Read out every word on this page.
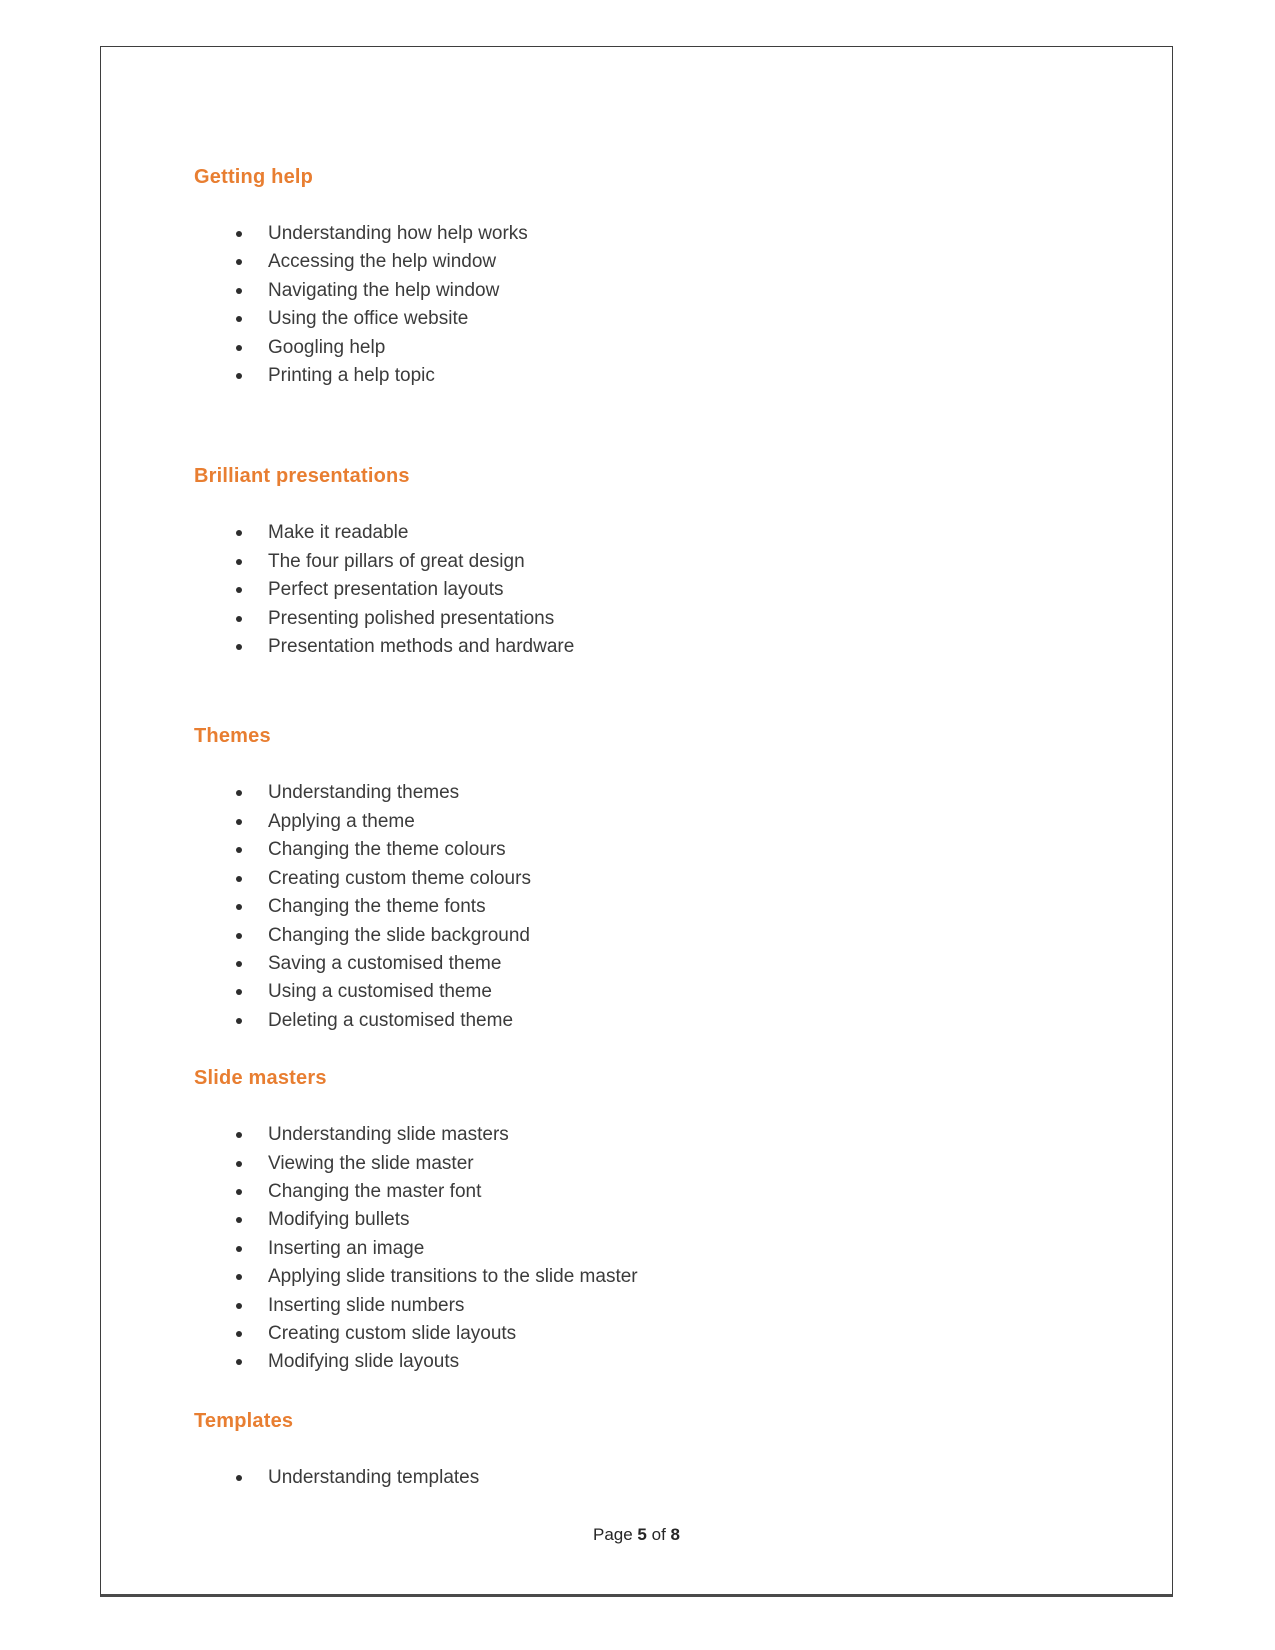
Getting help
Understanding how help works
Accessing the help window
Navigating the help window
Using the office website
Googling help
Printing a help topic
Brilliant presentations
Make it readable
The four pillars of great design
Perfect presentation layouts
Presenting polished presentations
Presentation methods and hardware
Themes
Understanding themes
Applying a theme
Changing the theme colours
Creating custom theme colours
Changing the theme fonts
Changing the slide background
Saving a customised theme
Using a customised theme
Deleting a customised theme
Slide masters
Understanding slide masters
Viewing the slide master
Changing the master font
Modifying bullets
Inserting an image
Applying slide transitions to the slide master
Inserting slide numbers
Creating custom slide layouts
Modifying slide layouts
Templates
Understanding templates
Page 5 of 8
